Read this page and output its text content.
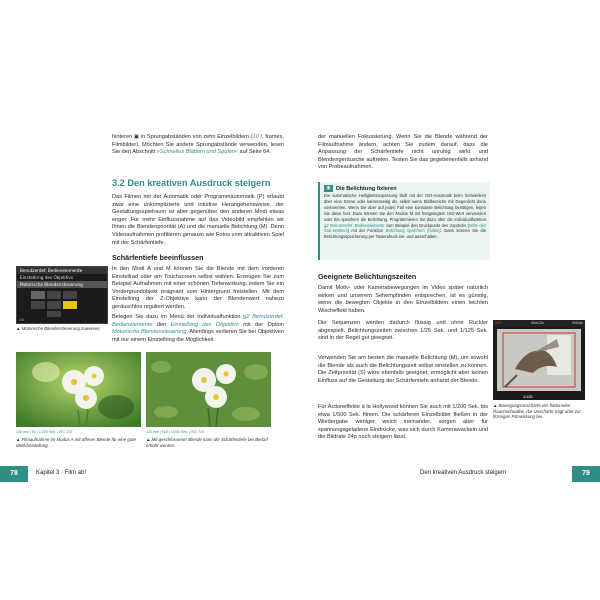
hinteren ▣ in Sprungabständen von zehn Einzelbildern (10 f, frames, Filmbilder). Möchten Sie andere Sprungabstände verwenden, lesen Sie den Abschnitt »Schnelles Blättern und Spulen« auf Seite 64.
3.2 Den kreativen Ausdruck steigern
Das Filmen mit der Automatik oder Programmautomatik (P) erlaubt zwar eine unkomplizierte und intuitive Herangehensweise, der Gestaltungsspielraum ist aber gegenüber den anderen Modi etwas enger. Für mehr Einflussnahme auf das Videobild empfehlen wir Ihnen die Blendenpriorität (A) und die manuelle Belichtung (M). Denn Videoaufnahmen profitieren genauso wie Fotos vom attraktiven Spiel mit der Schärfentiefe.
Schärfentiefe beeinflussen
In den Modi A und M können Sie die Blende mit dem vorderen Einstellrad oder am Touchscreen selbst wählen. Erzeugen Sie zum Beispiel Aufnahmen mit einer schönen Tiefenwirkung, indem Sie ein Vordergrundobjekt prägnant vom Hintergrund freistellen. Mit dem Einstellring der Z-Objektive kann der Blendenwert nahezu geräuschlos reguliert werden.
Belegen Sie dazu im Menü der Individualfunktion g2 Benutzerdef. Bedienelemente den Einstellring des Objektivs mit der Option Motorische Blendensteuerung. Allerdings verlieren Sie bei Objektiven mit nur einem Einstellring die Möglichkeit
Benutzerdef. Bedienelemente
Einstellring des Objektivs
Motorische Blendensteuerung
OK
▲ Motorische Blendensteuerung zuweisen.
120 mm | f/4 | 1/200 Sek. | ISO 220
▲ Filmaufnahme im Modus A mit offener Blende für eine gute Motivfreistellung.
120 mm | f/16 | 1/200 Sek. | ISO 720
▲ Mit geschlossener Blende kann die Schärfentiefe bei Bedarf erhöht werden.
der manuellen Fokussierung. Wenn Sie die Blende während der Filmaufnahme ändern, achten Sie zudem darauf, dass die Anpassung der Schärfentiefe nicht unruhig wirkt und Blendengeräusche auftreten. Testen Sie das gegebenenfalls anhand von Probeaufnahmen.
◉ Die Belichtung fixieren
Die automatische Helligkeitsanpassung läuft mit der ISO-Automatik beim Schwenken über eine Szene oder kameraseitig ab, selbst wenn Bildbereiche mit Gegenlicht darin vorkommen. Wenn Sie aber auf jeden Fall eine konstante Belichtung benötigen, legen Sie diese fest. Dazu können Sie den Modus M mit festgelegtem ISO-Wert verwenden oder Sie speichern die Belichtung. Programmieren Sie dazu über die Individualfunktion g2 Benutzerdef. Bedienelemente zum Beispiel den Druckpunkt des Joysticks (Mitte des Sub-Wählers) mit der Funktion Belichtung speichern (halten). Dann können Sie die Belichtungsspeicherung per Tastendruck ein- und ausschalten.
Geeignete Belichtungszeiten
Damit Motiv- oder Kamerabewegungen im Video später natürlich wirken und unserem Sehempfinden entsprechen, ist es günstig, wenn die bewegten Objekte in den Einzelbildern einen leichten Wischeffekt haben.
Die Sequenzen werden dadurch flüssig und ohne Ruckler abgespielt. Belichtungszeiten zwischen 1/25 Sek. und 1/125 Sek. sind in der Regel gut geeignet.
Verwenden Sie am besten die manuelle Belichtung (M), um sowohl die Blende als auch die Belichtungszeit selbst einstellen zu können. Die Zeitpriorität (S) wäre ebenfalls geeignet, ermöglicht aber keinen Einfluss auf die Gestaltung der Schärfentiefe anhand der Blende.
Für Actioneffekte à la Hollywood können Sie auch mit 1/200 Sek. bis etwa 1/500 Sek. filmen. Die schärferen Einzelbilder fließen in der Wiedergabe weniger weich ineinander, sorgen aber für spannungsgeladene Eindrücke, was sich durch Kamerawackeln und die Bildrate 24p noch steigern lässt.
REC	00m12s	2h54m
1/125
▲ Bewegungsunschärfe der flatternden Rauchschwalbe, die Unschärfe trägt aber zur flüssigen Filmwirkung bei.
78	Kapitel 3 · Film ab!	Den kreativen Ausdruck steigern	79
